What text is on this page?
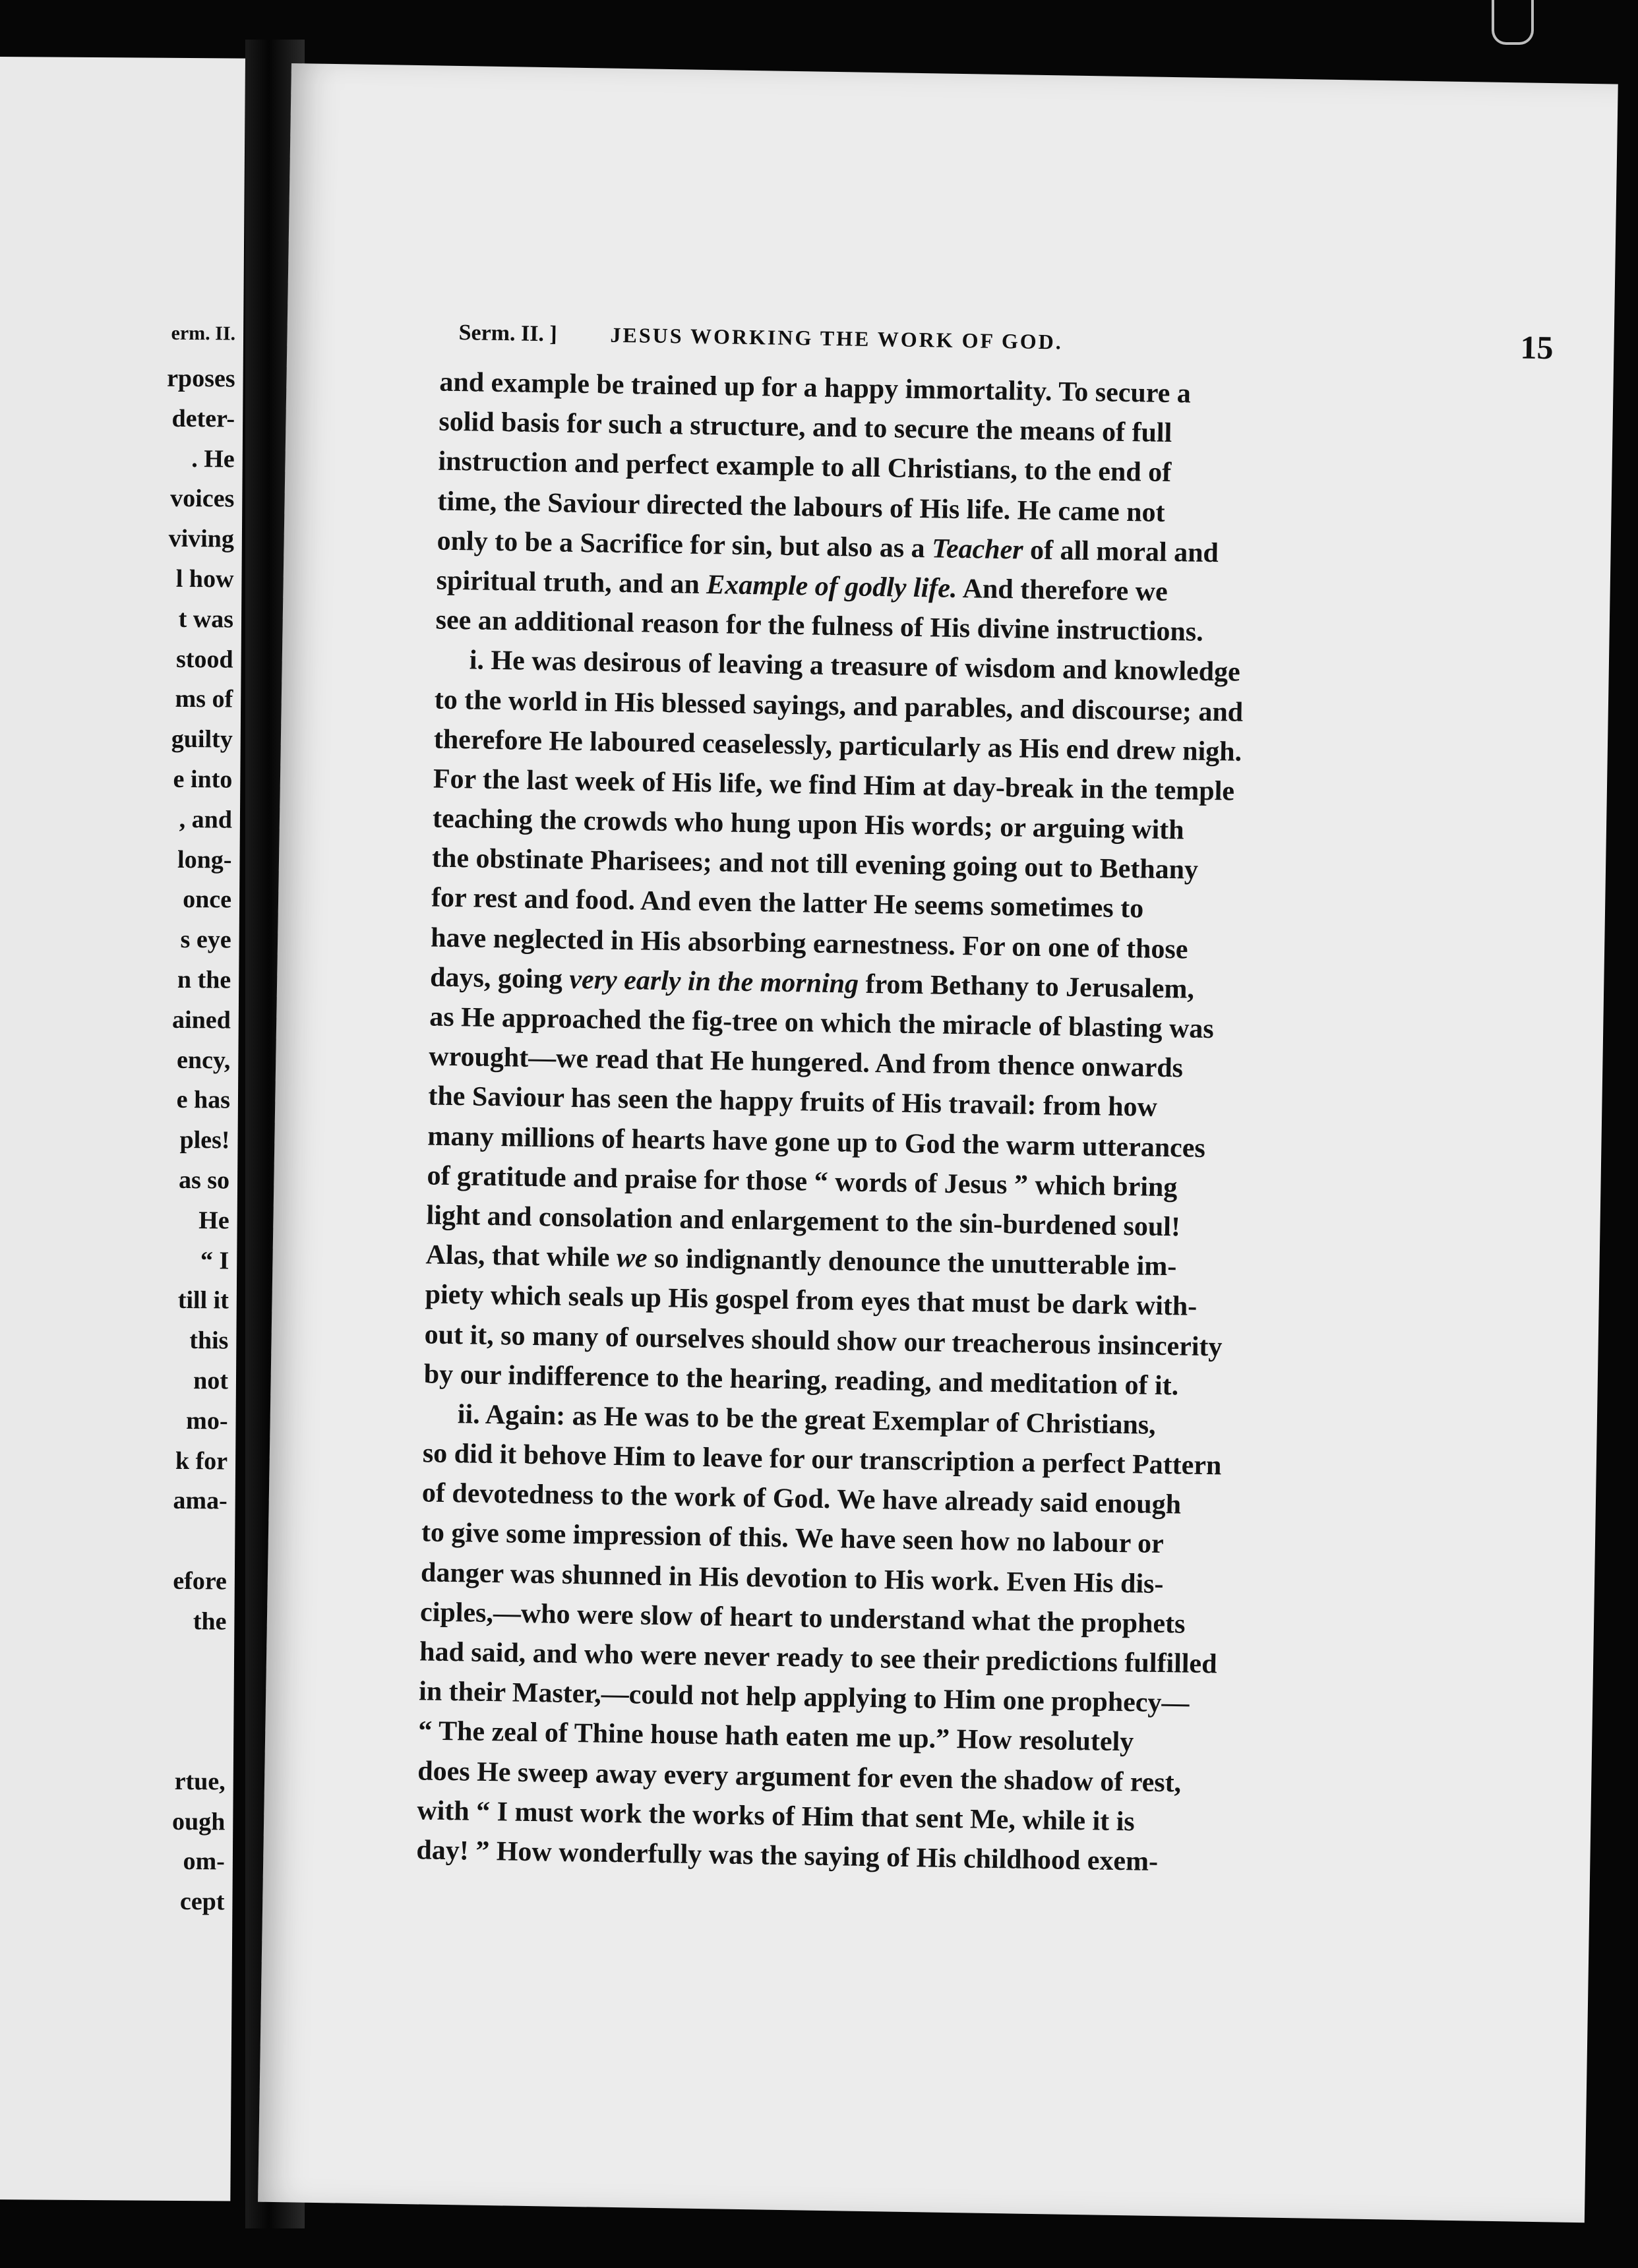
erm. II.
rposes
deter-
. He
voices
viving
l how
t was
stood
ms of
guilty
e into
, and
long-
once
s eye
n the
ained
ency,
e has
ples!
as so
He
“ I
till it
this
not
mo-
k for
ama-
efore
the
rtue,
ough
om-
cept
Serm. II. ]	JESUS WORKING THE WORK OF GOD.	15
and example be trained up for a happy immortality. To secure a
solid basis for such a structure, and to secure the means of full
instruction and perfect example to all Christians, to the end of
time, the Saviour directed the labours of His life. He came not
only to be a Sacrifice for sin, but also as a Teacher of all moral and
spiritual truth, and an Example of godly life. And therefore we
see an additional reason for the fulness of His divine instructions.
i. He was desirous of leaving a treasure of wisdom and knowledge
to the world in His blessed sayings, and parables, and discourse; and
therefore He laboured ceaselessly, particularly as His end drew nigh.
For the last week of His life, we find Him at day-break in the temple
teaching the crowds who hung upon His words; or arguing with
the obstinate Pharisees; and not till evening going out to Bethany
for rest and food. And even the latter He seems sometimes to
have neglected in His absorbing earnestness. For on one of those
days, going very early in the morning from Bethany to Jerusalem,
as He approached the fig-tree on which the miracle of blasting was
wrought—we read that He hungered. And from thence onwards
the Saviour has seen the happy fruits of His travail: from how
many millions of hearts have gone up to God the warm utterances
of gratitude and praise for those “ words of Jesus ” which bring
light and consolation and enlargement to the sin-burdened soul!
Alas, that while we so indignantly denounce the unutterable im-
piety which seals up His gospel from eyes that must be dark with-
out it, so many of ourselves should show our treacherous insincerity
by our indifference to the hearing, reading, and meditation of it.
ii. Again: as He was to be the great Exemplar of Christians,
so did it behove Him to leave for our transcription a perfect Pattern
of devotedness to the work of God. We have already said enough
to give some impression of this. We have seen how no labour or
danger was shunned in His devotion to His work. Even His dis-
ciples,—who were slow of heart to understand what the prophets
had said, and who were never ready to see their predictions fulfilled
in their Master,—could not help applying to Him one prophecy—
“ The zeal of Thine house hath eaten me up.” How resolutely
does He sweep away every argument for even the shadow of rest,
with “ I must work the works of Him that sent Me, while it is
day! ” How wonderfully was the saying of His childhood exem-
